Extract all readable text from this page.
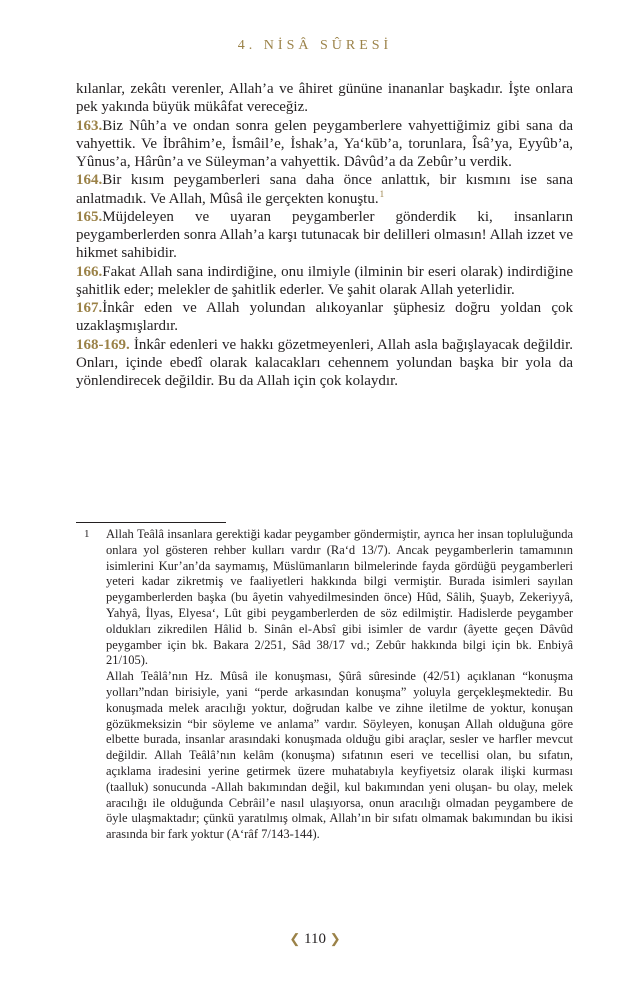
4. NİSÂ SÛRESİ

kılanlar, zekâtı verenler, Allah’a ve âhiret gününe inananlar başkadır. İşte onlara pek yakında büyük mükâfat vereceğiz.

163.Biz Nûh’a ve ondan sonra gelen peygamberlere vahyettiğimiz gibi sana da vahyettik. Ve İbrâhim’e, İsmâil’e, İshak’a, Ya‘kūb’a, torunlara, Îsâ’ya, Eyyûb’a, Yûnus’a, Hârûn’a ve Süleyman’a vahyettik. Dâvûd’a da Zebûr’u verdik.

164.Bir kısım peygamberleri sana daha önce anlattık, bir kısmını ise sana anlatmadık. Ve Allah, Mûsâ ile gerçekten konuştu.$^1$

165.Müjdeleyen ve uyaran peygamberler gönderdik ki, insanların peygamberlerden sonra Allah’a karşı tutunacak bir delilleri olmasın! Allah izzet ve hikmet sahibidir.

166.Fakat Allah sana indirdiğine, onu ilmiyle (ilminin bir eseri olarak) indirdiğine şahitlik eder; melekler de şahitlik ederler. Ve şahit olarak Allah yeterlidir.

167.İnkâr eden ve Allah yolundan alıkoyanlar şüphesiz doğru yoldan çok uzaklaşmışlardır.

168-169. İnkâr edenleri ve hakkı gözetmeyenleri, Allah asla bağışlayacak değildir. Onları, içinde ebedî olarak kalacakları cehennem yolundan başka bir yola da yönlendirecek değildir. Bu da Allah için çok kolaydır.

1 Allah Teâlâ insanlara gerektiği kadar peygamber göndermiştir, ayrıca her insan topluluğunda onlara yol gösteren rehber kulları vardır (Ra‘d 13/7). Ancak peygamberlerin tamamının isimlerini Kur’an’da saymamış, Müslümanların bilmelerinde fayda gördüğü peygamberleri yeteri kadar zikretmiş ve faaliyetleri hakkında bilgi vermiştir. Burada isimleri sayılan peygamberlerden başka (bu âyetin vahyedilmesinden önce) Hûd, Sâlih, Şuayb, Zekeriyyâ, Yahyâ, İlyas, Elyesa‘, Lût gibi peygamberlerden de söz edilmiştir. Hadislerde peygamber oldukları zikredilen Hâlid b. Sinân el-Absî gibi isimler de vardır (âyette geçen Dâvûd peygamber için bk. Bakara 2/251, Sâd 38/17 vd.; Zebûr hakkında bilgi için bk. Enbiyâ 21/105).

Allah Teâlâ’nın Hz. Mûsâ ile konuşması, Şûrâ sûresinde (42/51) açıklanan “konuşma yolları”ndan birisiyle, yani “perde arkasından konuşma” yoluyla gerçekleşmektedir. Bu konuşmada melek aracılığı yoktur, doğrudan kalbe ve zihne iletilme de yoktur, konuşan gözükmeksizin “bir söyleme ve anlama” vardır. Söyleyen, konuşan Allah olduğuna göre elbette burada, insanlar arasındaki konuşmada olduğu gibi araçlar, sesler ve harfler mevcut değildir. Allah Teâlâ’nın kelâm (konuşma) sıfatının eseri ve tecellisi olan, bu sıfatın, açıklama iradesini yerine getirmek üzere muhatabıyla keyfiyetsiz olarak ilişki kurması (taalluk) sonucunda -Allah bakımından değil, kul bakımından yeni oluşan- bu olay, melek aracılığı ile olduğunda Cebrâil’e nasıl ulaşıyorsa, onun aracılığı olmadan peygambere de öyle ulaşmaktadır; çünkü yaratılmış olmak, Allah’ın bir sıfatı olmamak bakımından bu ikisi arasında bir fark yoktur (A‘râf 7/143-144).

❮ 110 ❯
